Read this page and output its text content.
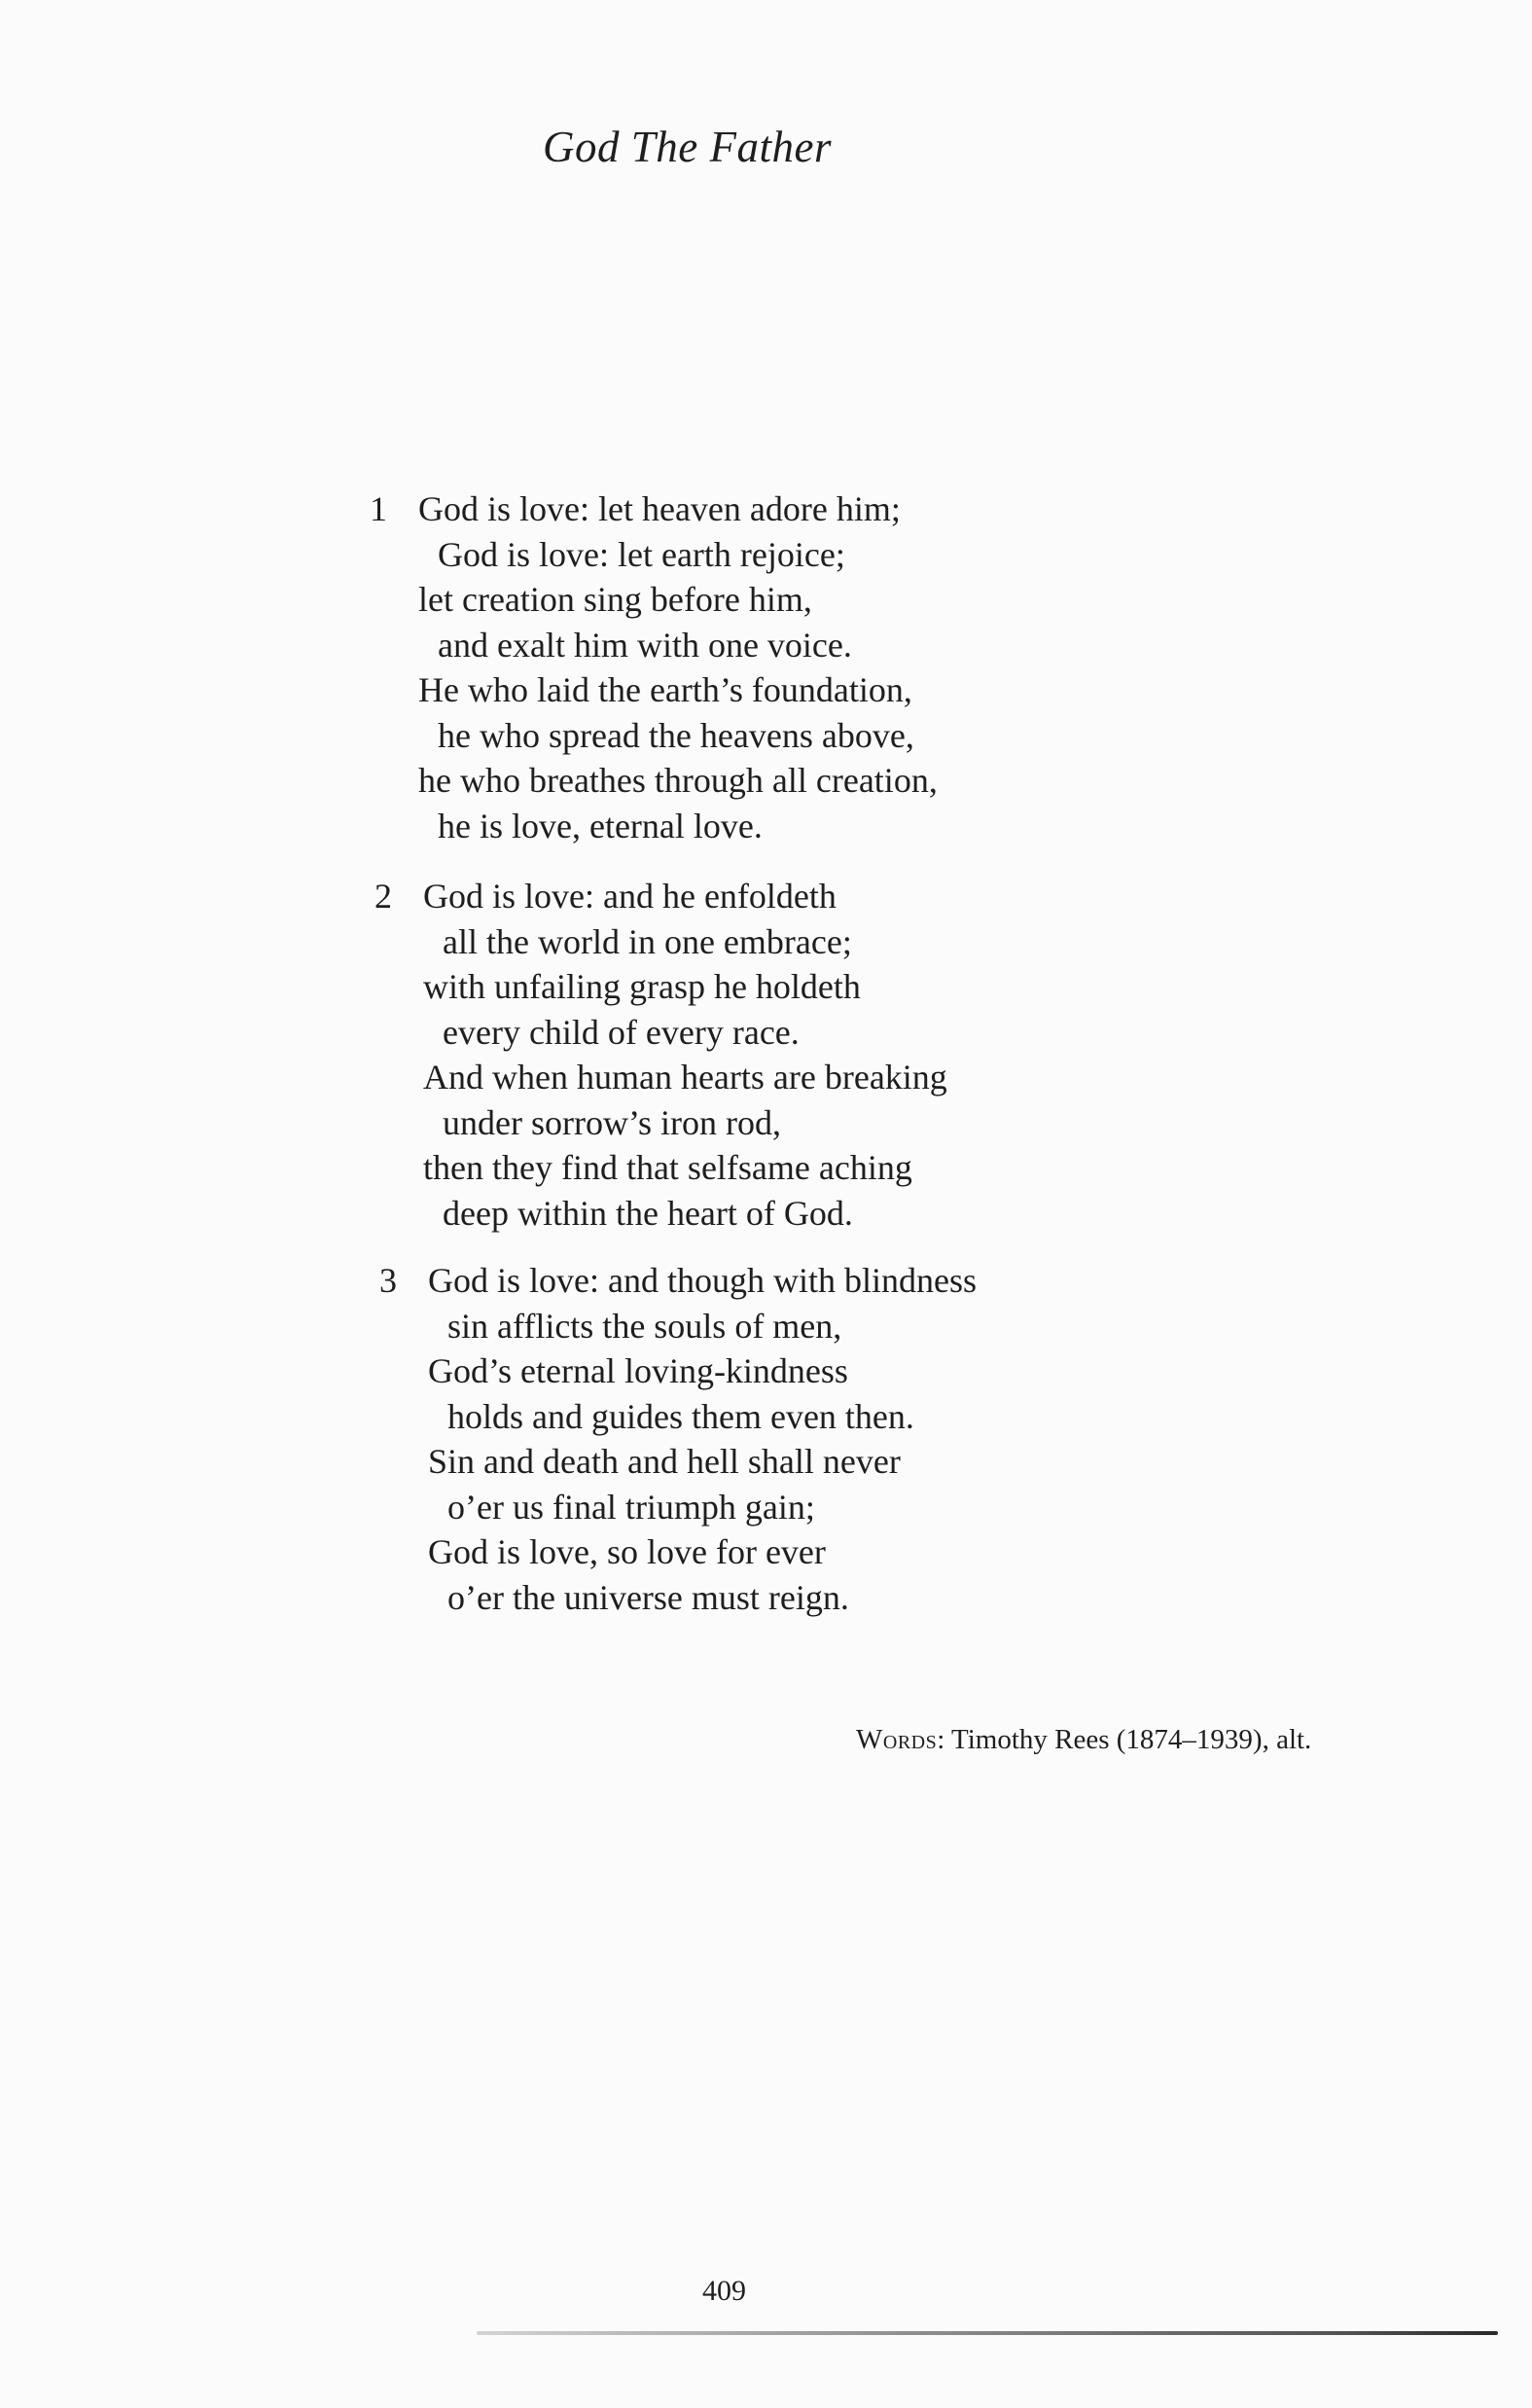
God The Father
1 God is love: let heaven adore him;
God is love: let earth rejoice;
let creation sing before him,
and exalt him with one voice.
He who laid the earth’s foundation,
he who spread the heavens above,
he who breathes through all creation,
he is love, eternal love.
2 God is love: and he enfoldeth
all the world in one embrace;
with unfailing grasp he holdeth
every child of every race.
And when human hearts are breaking
under sorrow’s iron rod,
then they find that selfsame aching
deep within the heart of God.
3 God is love: and though with blindness
sin afflicts the souls of men,
God’s eternal loving-kindness
holds and guides them even then.
Sin and death and hell shall never
o’er us final triumph gain;
God is love, so love for ever
o’er the universe must reign.
Words: Timothy Rees (1874–1939), alt.
409
